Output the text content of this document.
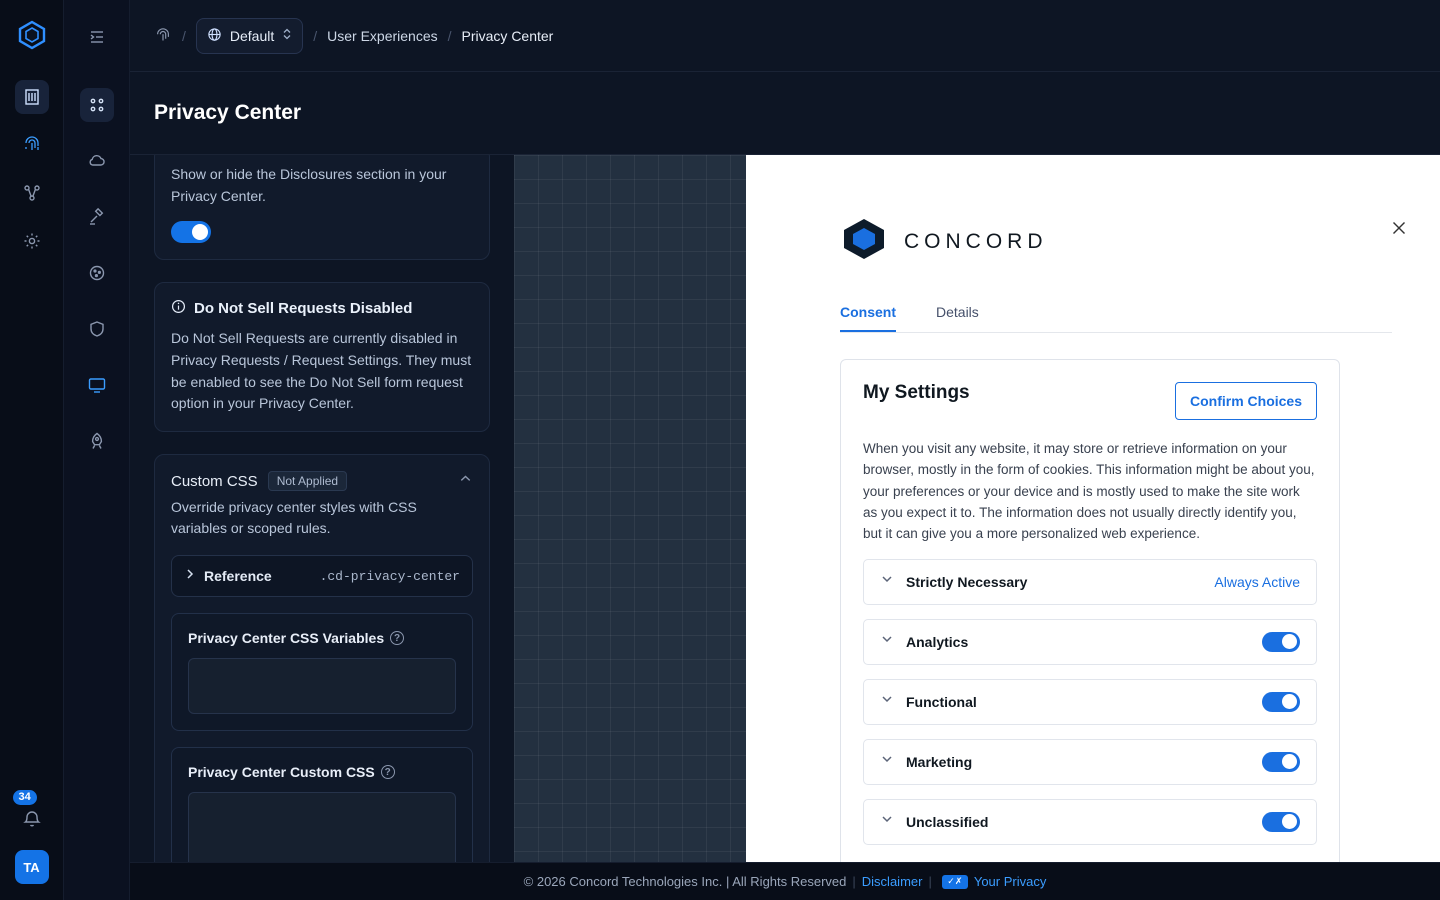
34
TA
/	Default	/ User Experiences / Privacy Center
Privacy Center

Show or hide the Disclosures section in your Privacy Center.

Do Not Sell Requests Disabled

Do Not Sell Requests are currently disabled in Privacy Requests / Request Settings. They must be enabled to see the Do Not Sell form request option in your Privacy Center.

Custom CSS	Not Applied

Override privacy center styles with CSS variables or scoped rules.

Reference	.cd-privacy-center
Privacy Center CSS Variables ?
Privacy Center Custom CSS ?
CONCORD
Consent	Details
My Settings	Confirm Choices

When you visit any website, it may store or retrieve information on your browser, mostly in the form of cookies. This information might be about you, your preferences or your device and is mostly used to make the site work as you expect it to. The information does not usually directly identify you, but it can give you a more personalized web experience.

Strictly Necessary	Always Active
Analytics
Functional
Marketing
Unclassified
© 2026 Concord Technologies Inc. | All Rights Reserved | Disclaimer |	✓✗ Your Privacy
